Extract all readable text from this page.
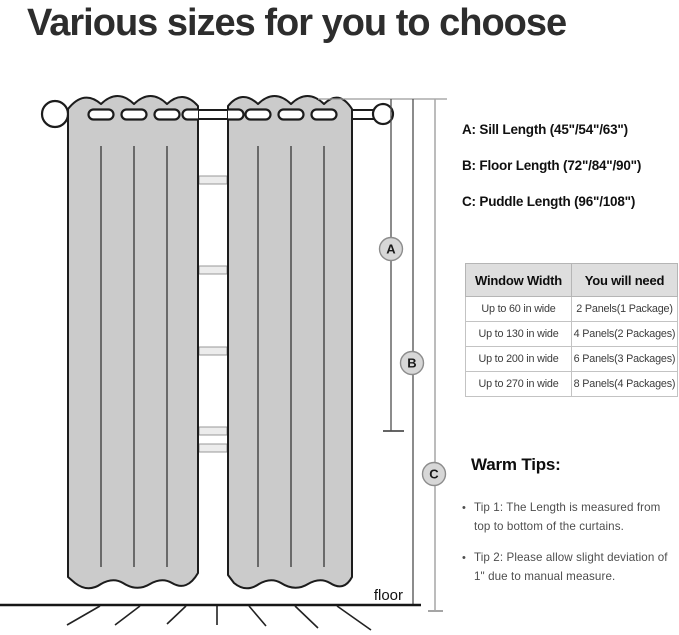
Various sizes for you to choose
floor
A
B
C
A: Sill Length (45"/54"/63")
B: Floor Length (72"/84"/90")
C: Puddle Length (96"/108")
Window Width	You will need
Up to 60 in wide	2 Panels(1 Package)
Up to 130 in wide	4 Panels(2 Packages)
Up to 200 in wide	6 Panels(3 Packages)
Up to 270 in wide	8 Panels(4 Packages)
Warm Tips:
• Tip 1: The Length is measured from
top to bottom of the curtains.
• Tip 2: Please allow slight deviation of
1" due to manual measure.
